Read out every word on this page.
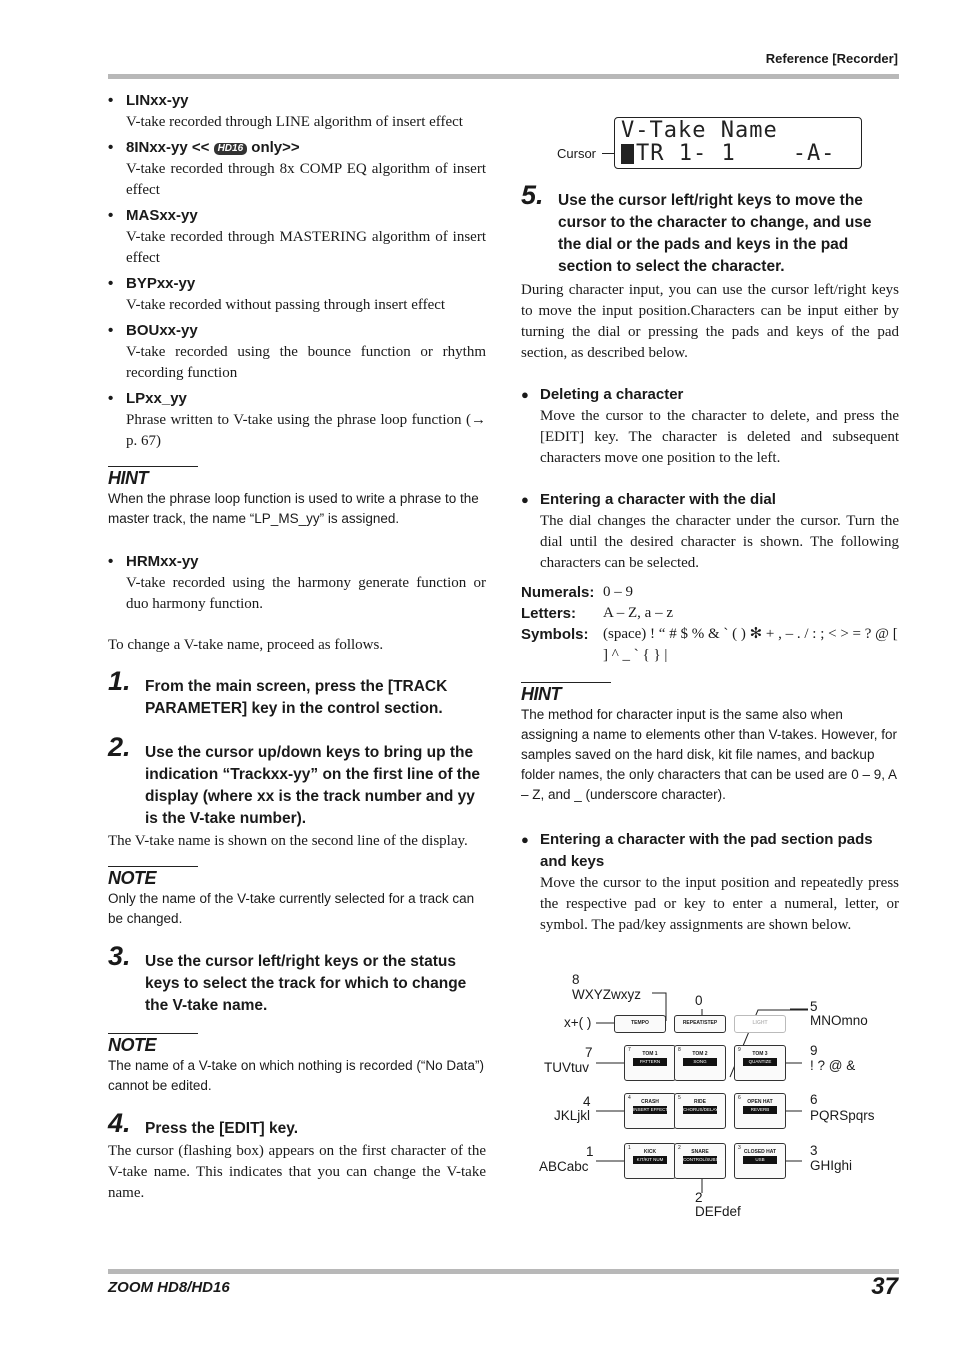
Reference [Recorder]
• LINxx-yy
V-take recorded through LINE algorithm of insert effect
• 8INxx-yy << HD16 only>>
V-take recorded through 8x COMP EQ algorithm of insert effect
• MASxx-yy
V-take recorded through MASTERING algorithm of insert effect
• BYPxx-yy
V-take recorded without passing through insert effect
• BOUxx-yy
V-take recorded using the bounce function or rhythm recording function
• LPxx_yy
Phrase written to V-take using the phrase loop function (→ p. 67)
HINT
When the phrase loop function is used to write a phrase to the master track, the name “LP_MS_yy” is assigned.
• HRMxx-yy
V-take recorded using the harmony generate function or duo harmony function.
To change a V-take name, proceed as follows.
1. From the main screen, press the [TRACK PARAMETER] key in the control section.
2. Use the cursor up/down keys to bring up the indication “Trackxx-yy” on the first line of the display (where xx is the track number and yy is the V-take number).
The V-take name is shown on the second line of the display.
NOTE
Only the name of the V-take currently selected for a track can be changed.
3. Use the cursor left/right keys or the status keys to select the track for which to change the V-take name.
NOTE
The name of a V-take on which nothing is recorded (“No Data”) cannot be edited.
4. Press the [EDIT] key.
The cursor (flashing box) appears on the first character of the V-take name. This indicates that you can change the V-take name.
Cursor
V-Take Name
TR 1- 1    -A-
5. Use the cursor left/right keys to move the cursor to the character to change, and use the dial or the pads and keys in the pad section to select the character.
During character input, you can use the cursor left/right keys to move the input position.Characters can be input either by turning the dial or pressing the pads and keys of the pad section, as described below.
● Deleting a character
Move the cursor to the character to delete, and press the [EDIT] key. The character is deleted and subsequent characters move one position to the left.
● Entering a character with the dial
The dial changes the character under the cursor. Turn the dial until the desired character is shown. The following characters can be selected.
Numerals: 0 – 9
Letters:	A – Z, a – z
Symbols: (space) ! “ # $ % & ` ( ) ✻ + , – . / : ; < > = ? @ [ ] ^ _ ` { } |
HINT
The method for character input is the same also when assigning a name to elements other than V-takes. However, for samples saved on the hard disk, kit file names, and backup folder names, the only characters that can be used are 0 – 9, A – Z, and _ (underscore character).
● Entering a character with the pad section pads and keys
Move the cursor to the input position and repeatedly press the respective pad or key to enter a numeral, letter, or symbol. The pad/key assignments are shown below.
8
WXYZwxyz	0	5
MNOmno
x+( )
7
TUVtuv
9
! ? @ &
4
JKLjkl
6
PQRSpqrs
1
ABCabc
3
GHIghi
2
DEFdef
TEMPO	REPEAT/STEP	LIGHT
7
TOM 1
PATTERN
8
TOM 2
SONG
9
TOM 3
QUANTIZE
4
CRASH
INSERT EFFECT
5
RIDE
CHORUS/DELAY
6
OPEN HAT
REVERB
1
KICK
KIT/KIT NUM
2
SNARE
CONTROL/SUBSET
3
CLOSED HAT
USB
ZOOM HD8/HD16	37
